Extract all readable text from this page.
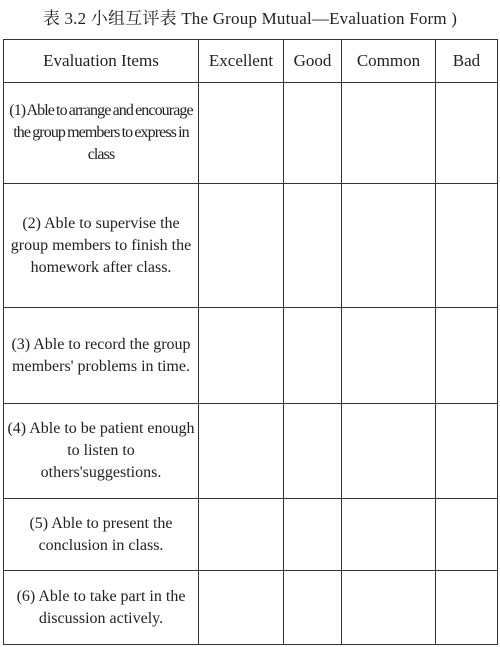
表 3.2 小组互评表 The Group Mutual—Evaluation Form )
Evaluation Items	Excellent	Good	Common	Bad
(1) Able to arrange and encourage the group members to express in class				
(2) Able to supervise the group members to finish the homework after class.				
(3) Able to record the group members' problems in time.				
(4) Able to be patient enough to listen to others'suggestions.				
(5) Able to present the conclusion in class.				
(6) Able to take part in the discussion actively.				
